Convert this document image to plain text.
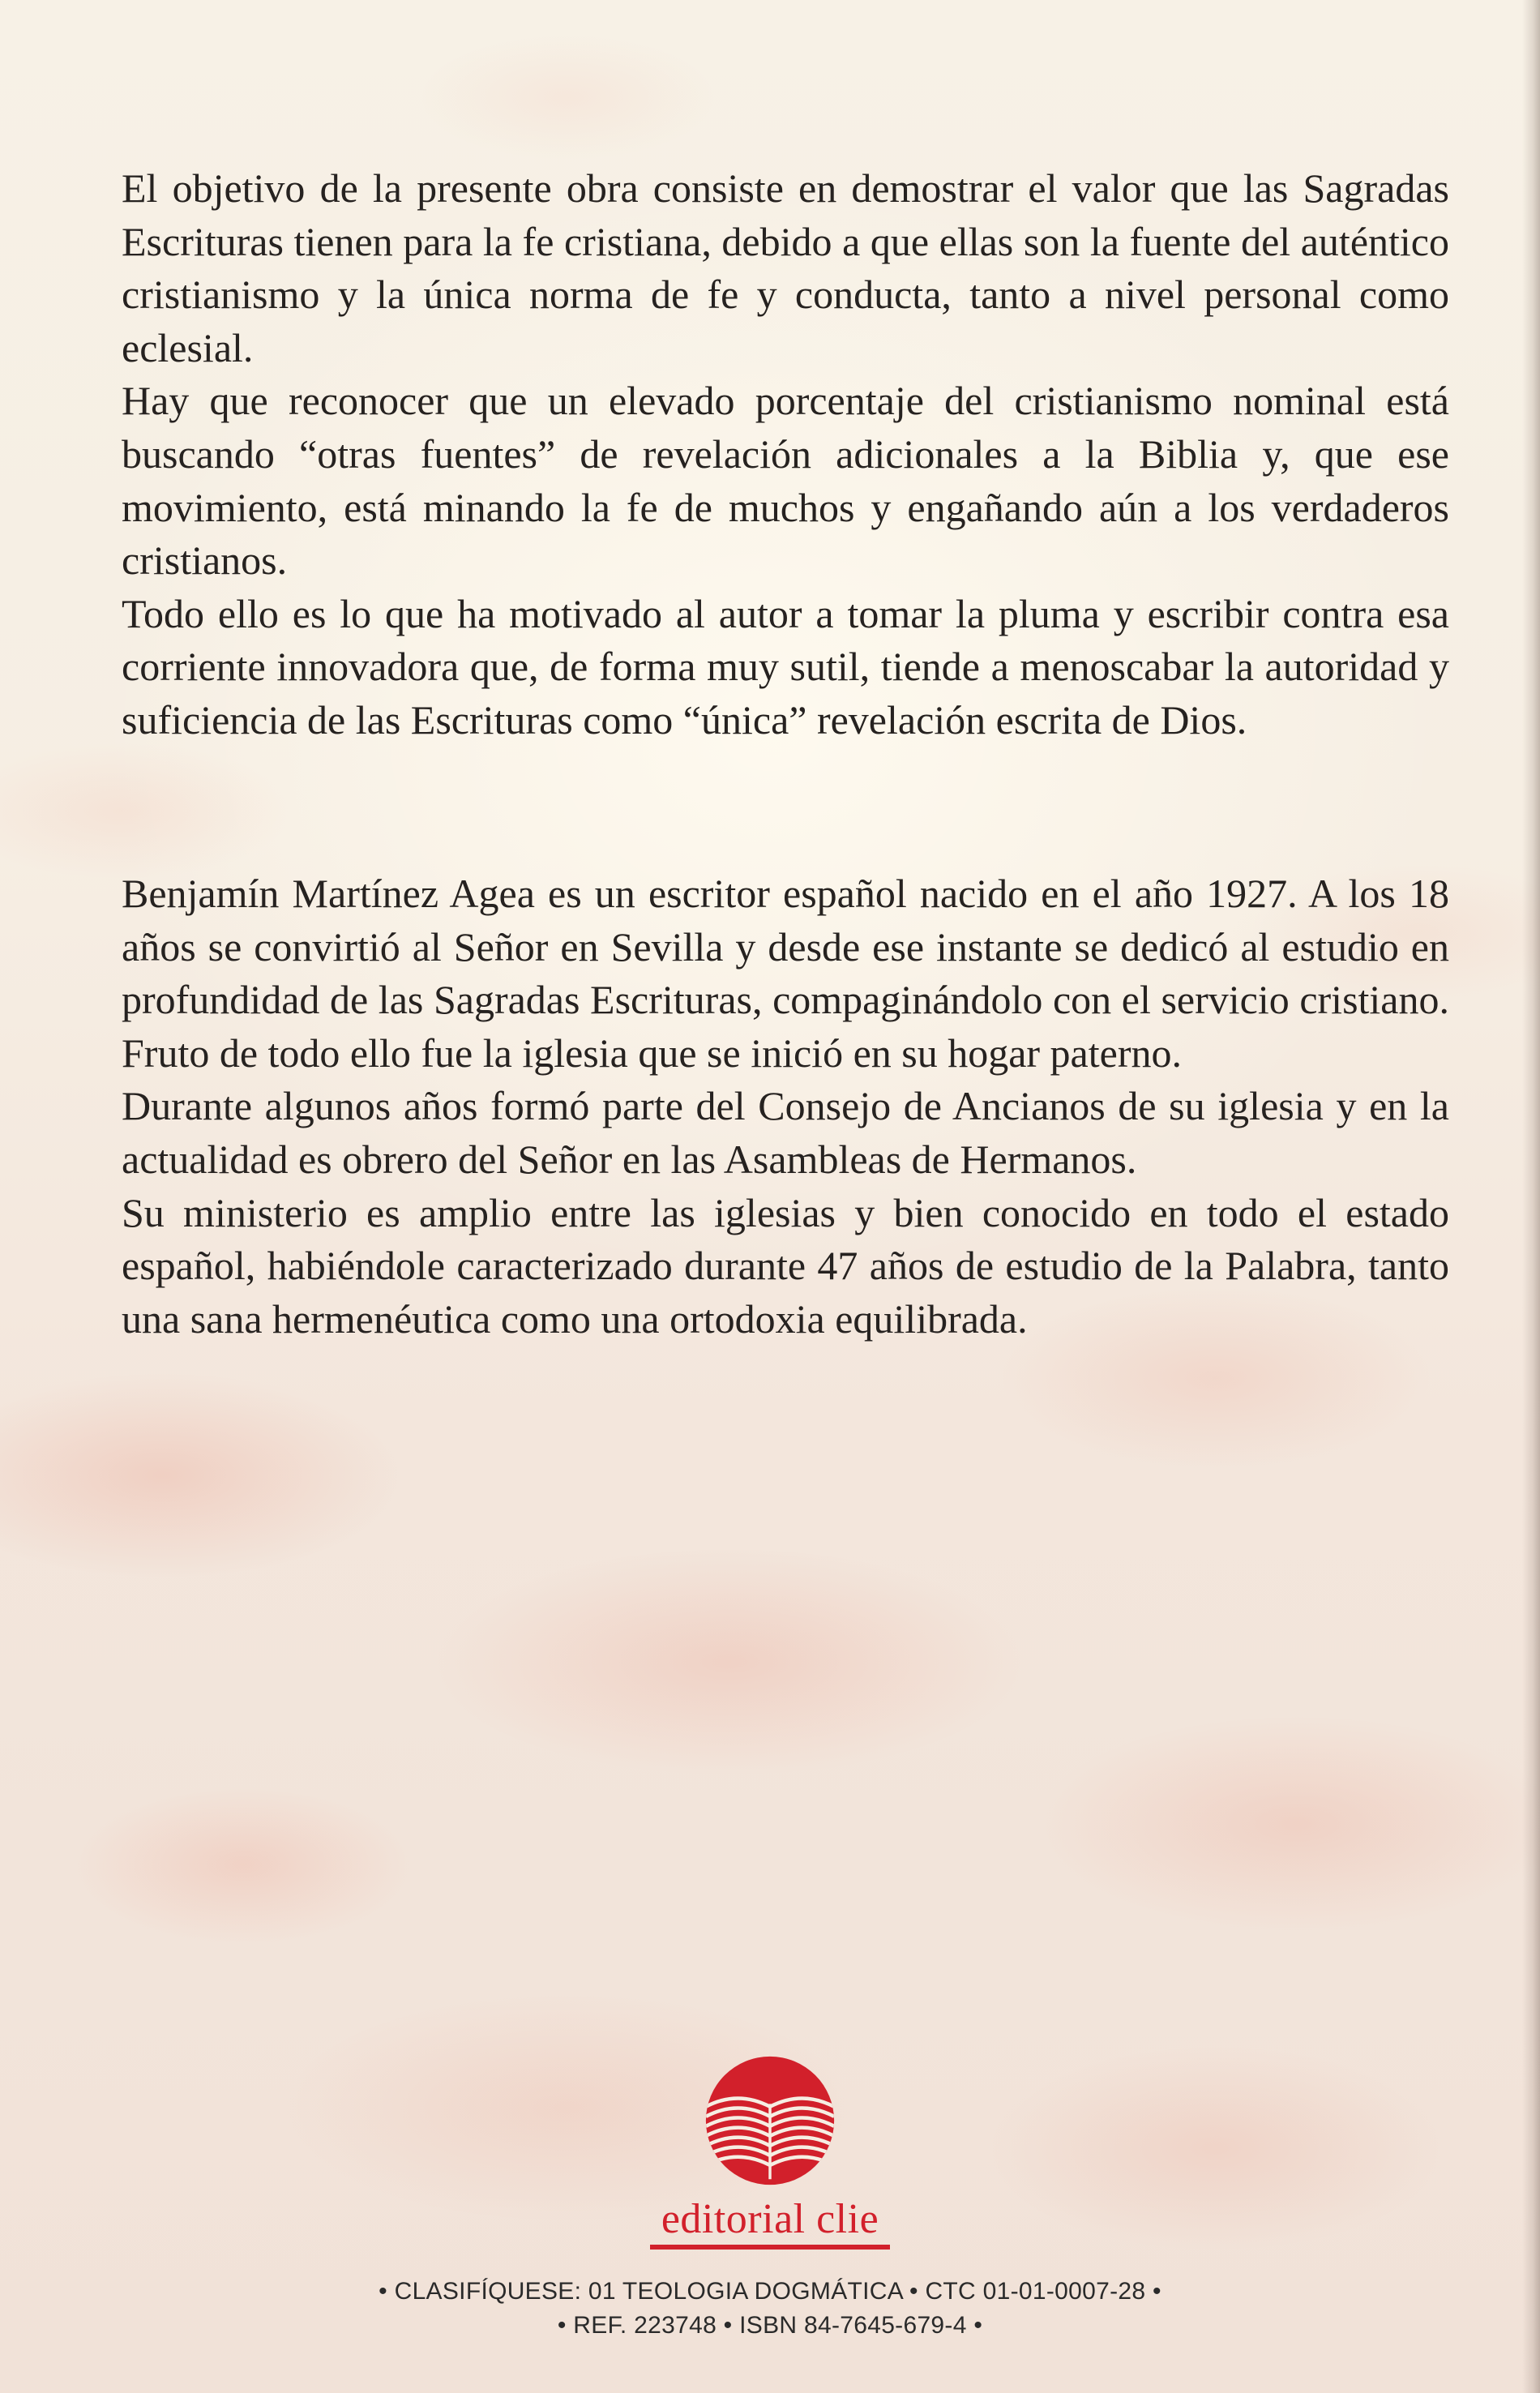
El objetivo de la presente obra consiste en demostrar el valor que las Sagradas Escrituras tienen para la fe cristiana, debido a que ellas son la fuente del auténtico cristianismo y la única norma de fe y conducta, tanto a nivel personal como eclesial.

Hay que reconocer que un elevado porcentaje del cristianismo nominal está buscando “otras fuentes” de revelación adicionales a la Biblia y, que ese movimiento, está minando la fe de muchos y engañando aún a los verdaderos cristianos.

Todo ello es lo que ha motivado al autor a tomar la pluma y escribir contra esa corriente innovadora que, de forma muy sutil, tiende a menoscabar la autoridad y suficiencia de las Escrituras como “única” revelación escrita de Dios.

Benjamín Martínez Agea es un escritor español nacido en el año 1927. A los 18 años se convirtió al Señor en Sevilla y desde ese instante se dedicó al estudio en profundidad de las Sagradas Escrituras, compaginándolo con el servicio cristiano. Fruto de todo ello fue la iglesia que se inició en su hogar paterno.

Durante algunos años formó parte del Consejo de Ancianos de su iglesia y en la actualidad es obrero del Señor en las Asambleas de Hermanos.

Su ministerio es amplio entre las iglesias y bien conocido en todo el estado español, habiéndole caracterizado durante 47 años de estudio de la Palabra, tanto una sana hermenéutica como una ortodoxia equilibrada.

editorial clie
• CLASIFÍQUESE: 01 TEOLOGIA DOGMÁTICA • CTC 01-01-0007-28 •
• REF. 223748 • ISBN 84-7645-679-4 •
